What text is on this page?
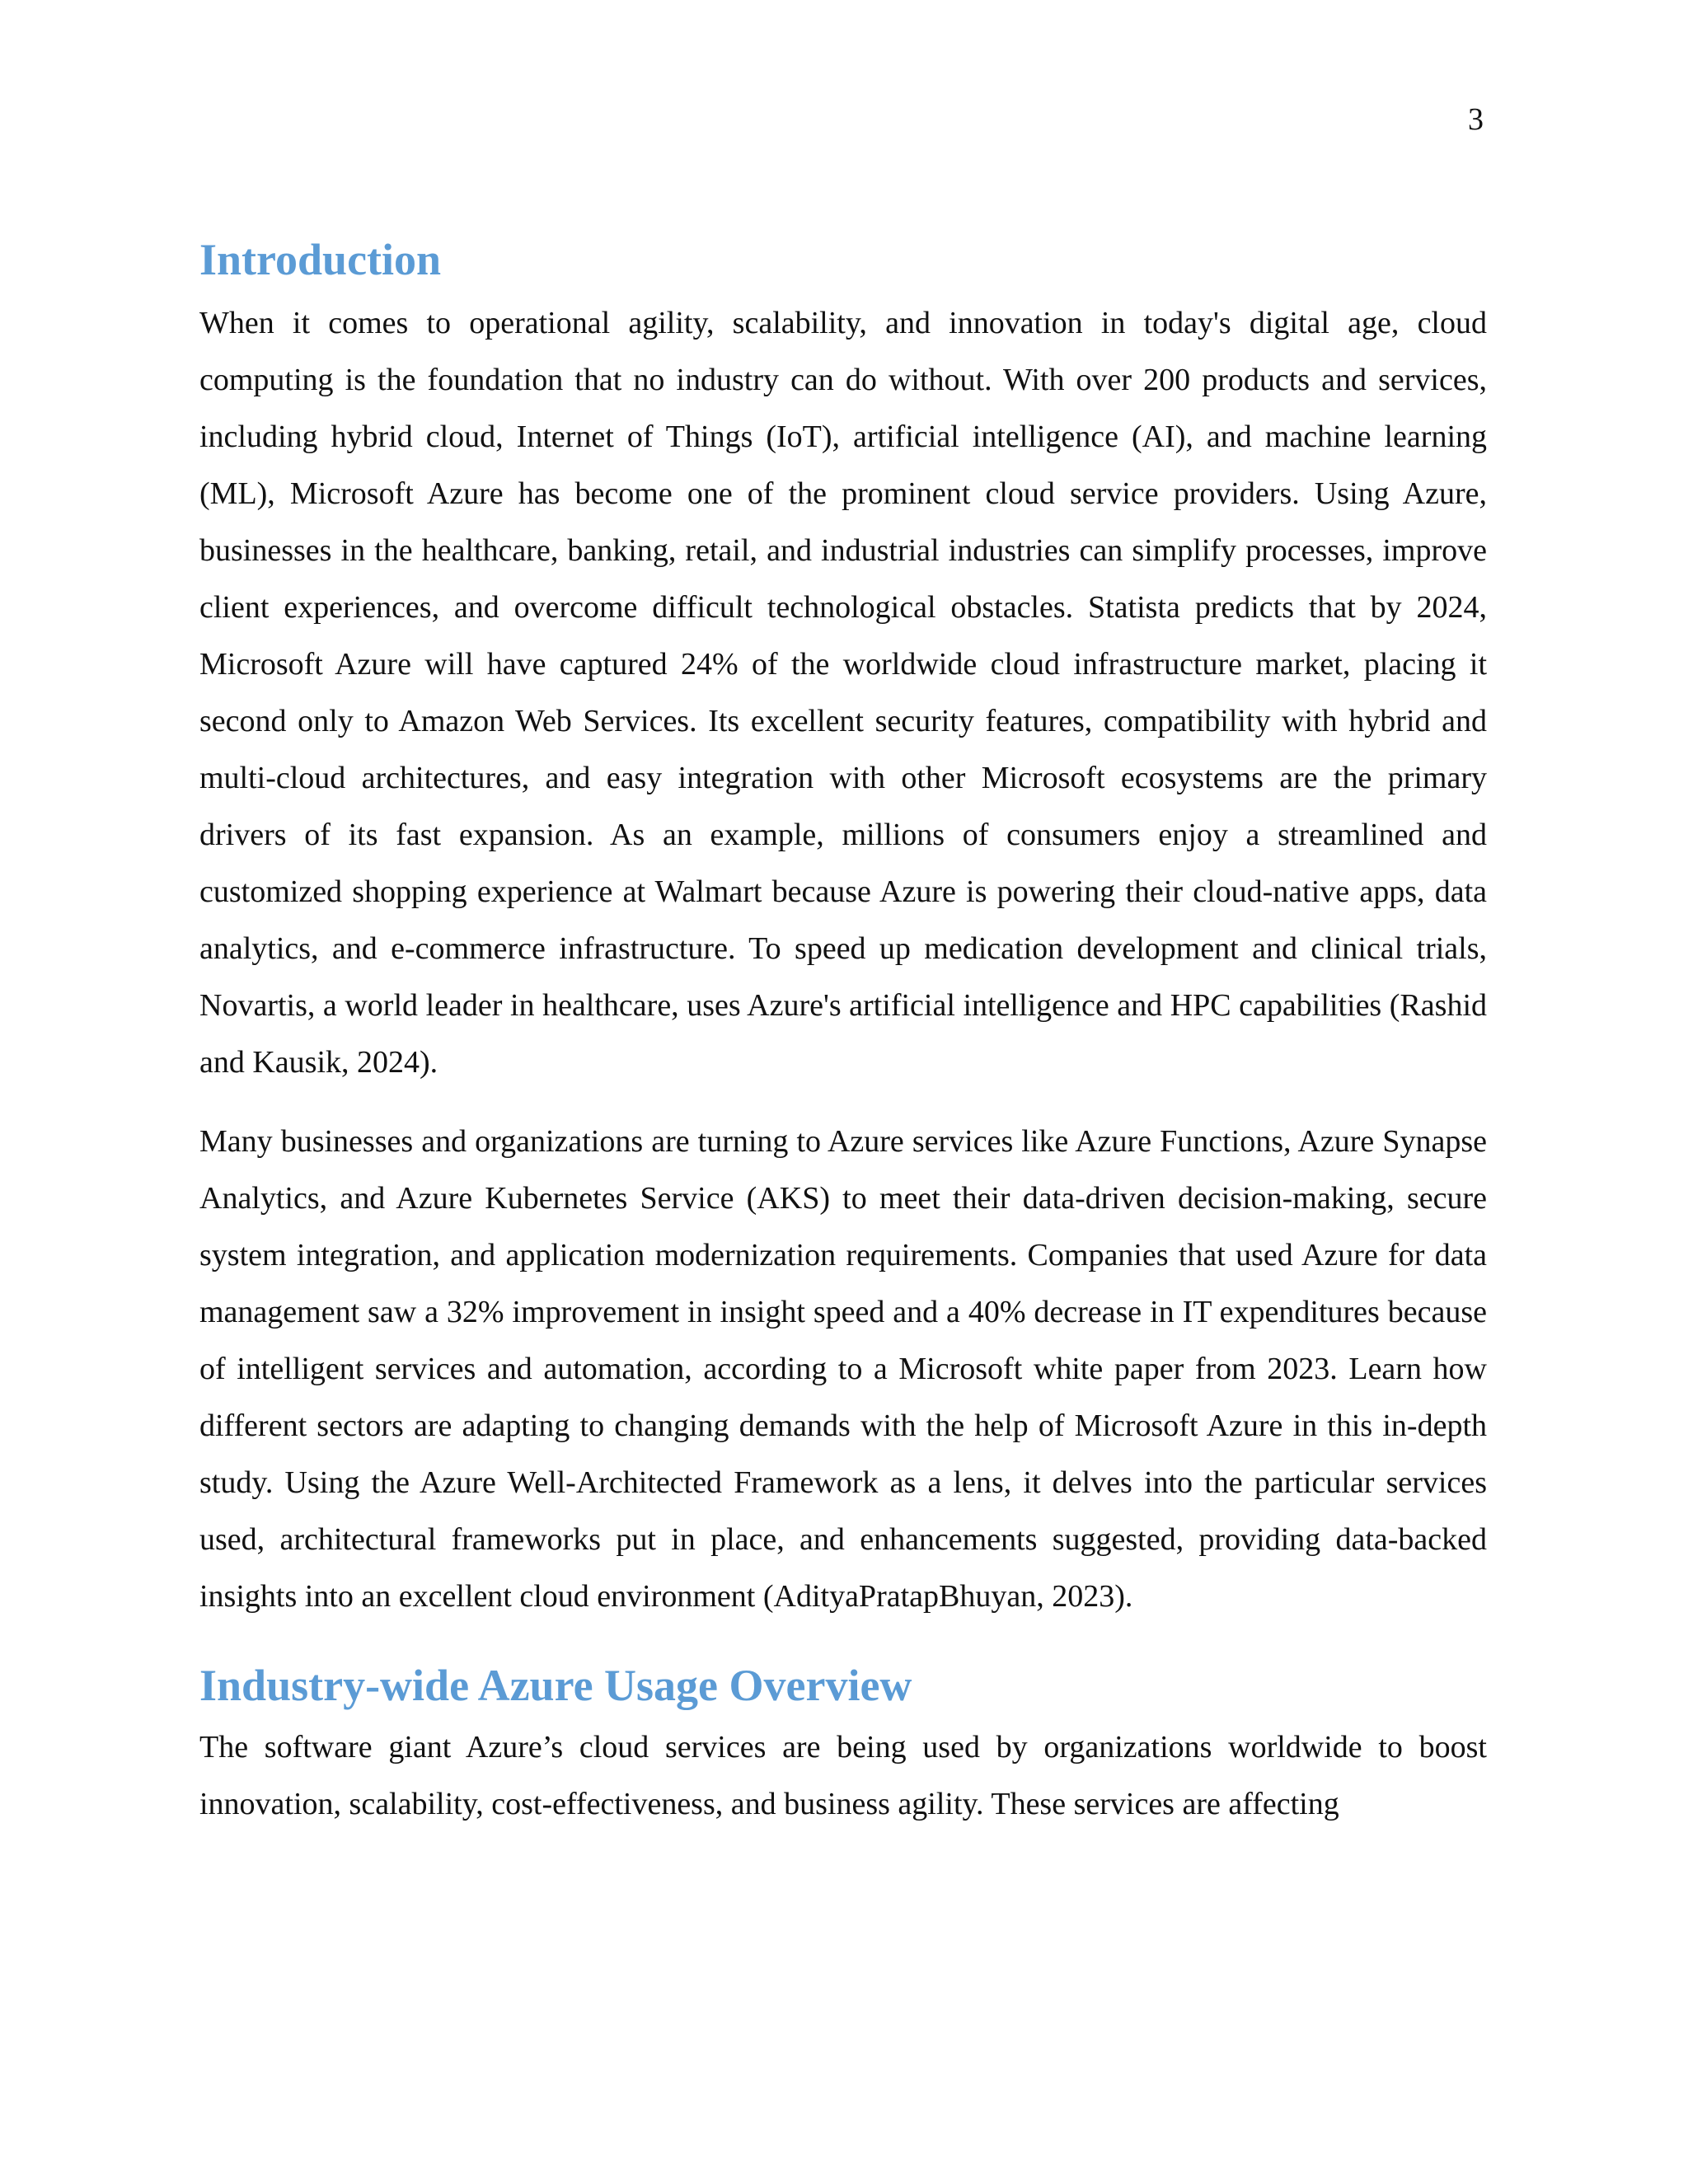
3
Introduction

When it comes to operational agility, scalability, and innovation in today's digital age, cloud computing is the foundation that no industry can do without. With over 200 products and services, including hybrid cloud, Internet of Things (IoT), artificial intelligence (AI), and machine learning (ML), Microsoft Azure has become one of the prominent cloud service providers. Using Azure, businesses in the healthcare, banking, retail, and industrial industries can simplify processes, improve client experiences, and overcome difficult technological obstacles. Statista predicts that by 2024, Microsoft Azure will have captured 24% of the worldwide cloud infrastructure market, placing it second only to Amazon Web Services. Its excellent security features, compatibility with hybrid and multi-cloud architectures, and easy integration with other Microsoft ecosystems are the primary drivers of its fast expansion. As an example, millions of consumers enjoy a streamlined and customized shopping experience at Walmart because Azure is powering their cloud-native apps, data analytics, and e-commerce infrastructure. To speed up medication development and clinical trials, Novartis, a world leader in healthcare, uses Azure's artificial intelligence and HPC capabilities (Rashid and Kausik, 2024).

Many businesses and organizations are turning to Azure services like Azure Functions, Azure Synapse Analytics, and Azure Kubernetes Service (AKS) to meet their data-driven decision-making, secure system integration, and application modernization requirements. Companies that used Azure for data management saw a 32% improvement in insight speed and a 40% decrease in IT expenditures because of intelligent services and automation, according to a Microsoft white paper from 2023. Learn how different sectors are adapting to changing demands with the help of Microsoft Azure in this in-depth study. Using the Azure Well-Architected Framework as a lens, it delves into the particular services used, architectural frameworks put in place, and enhancements suggested, providing data-backed insights into an excellent cloud environment (AdityaPratapBhuyan, 2023).

Industry-wide Azure Usage Overview

The software giant Azure’s cloud services are being used by organizations worldwide to boost innovation, scalability, cost-effectiveness, and business agility. These services are affecting
